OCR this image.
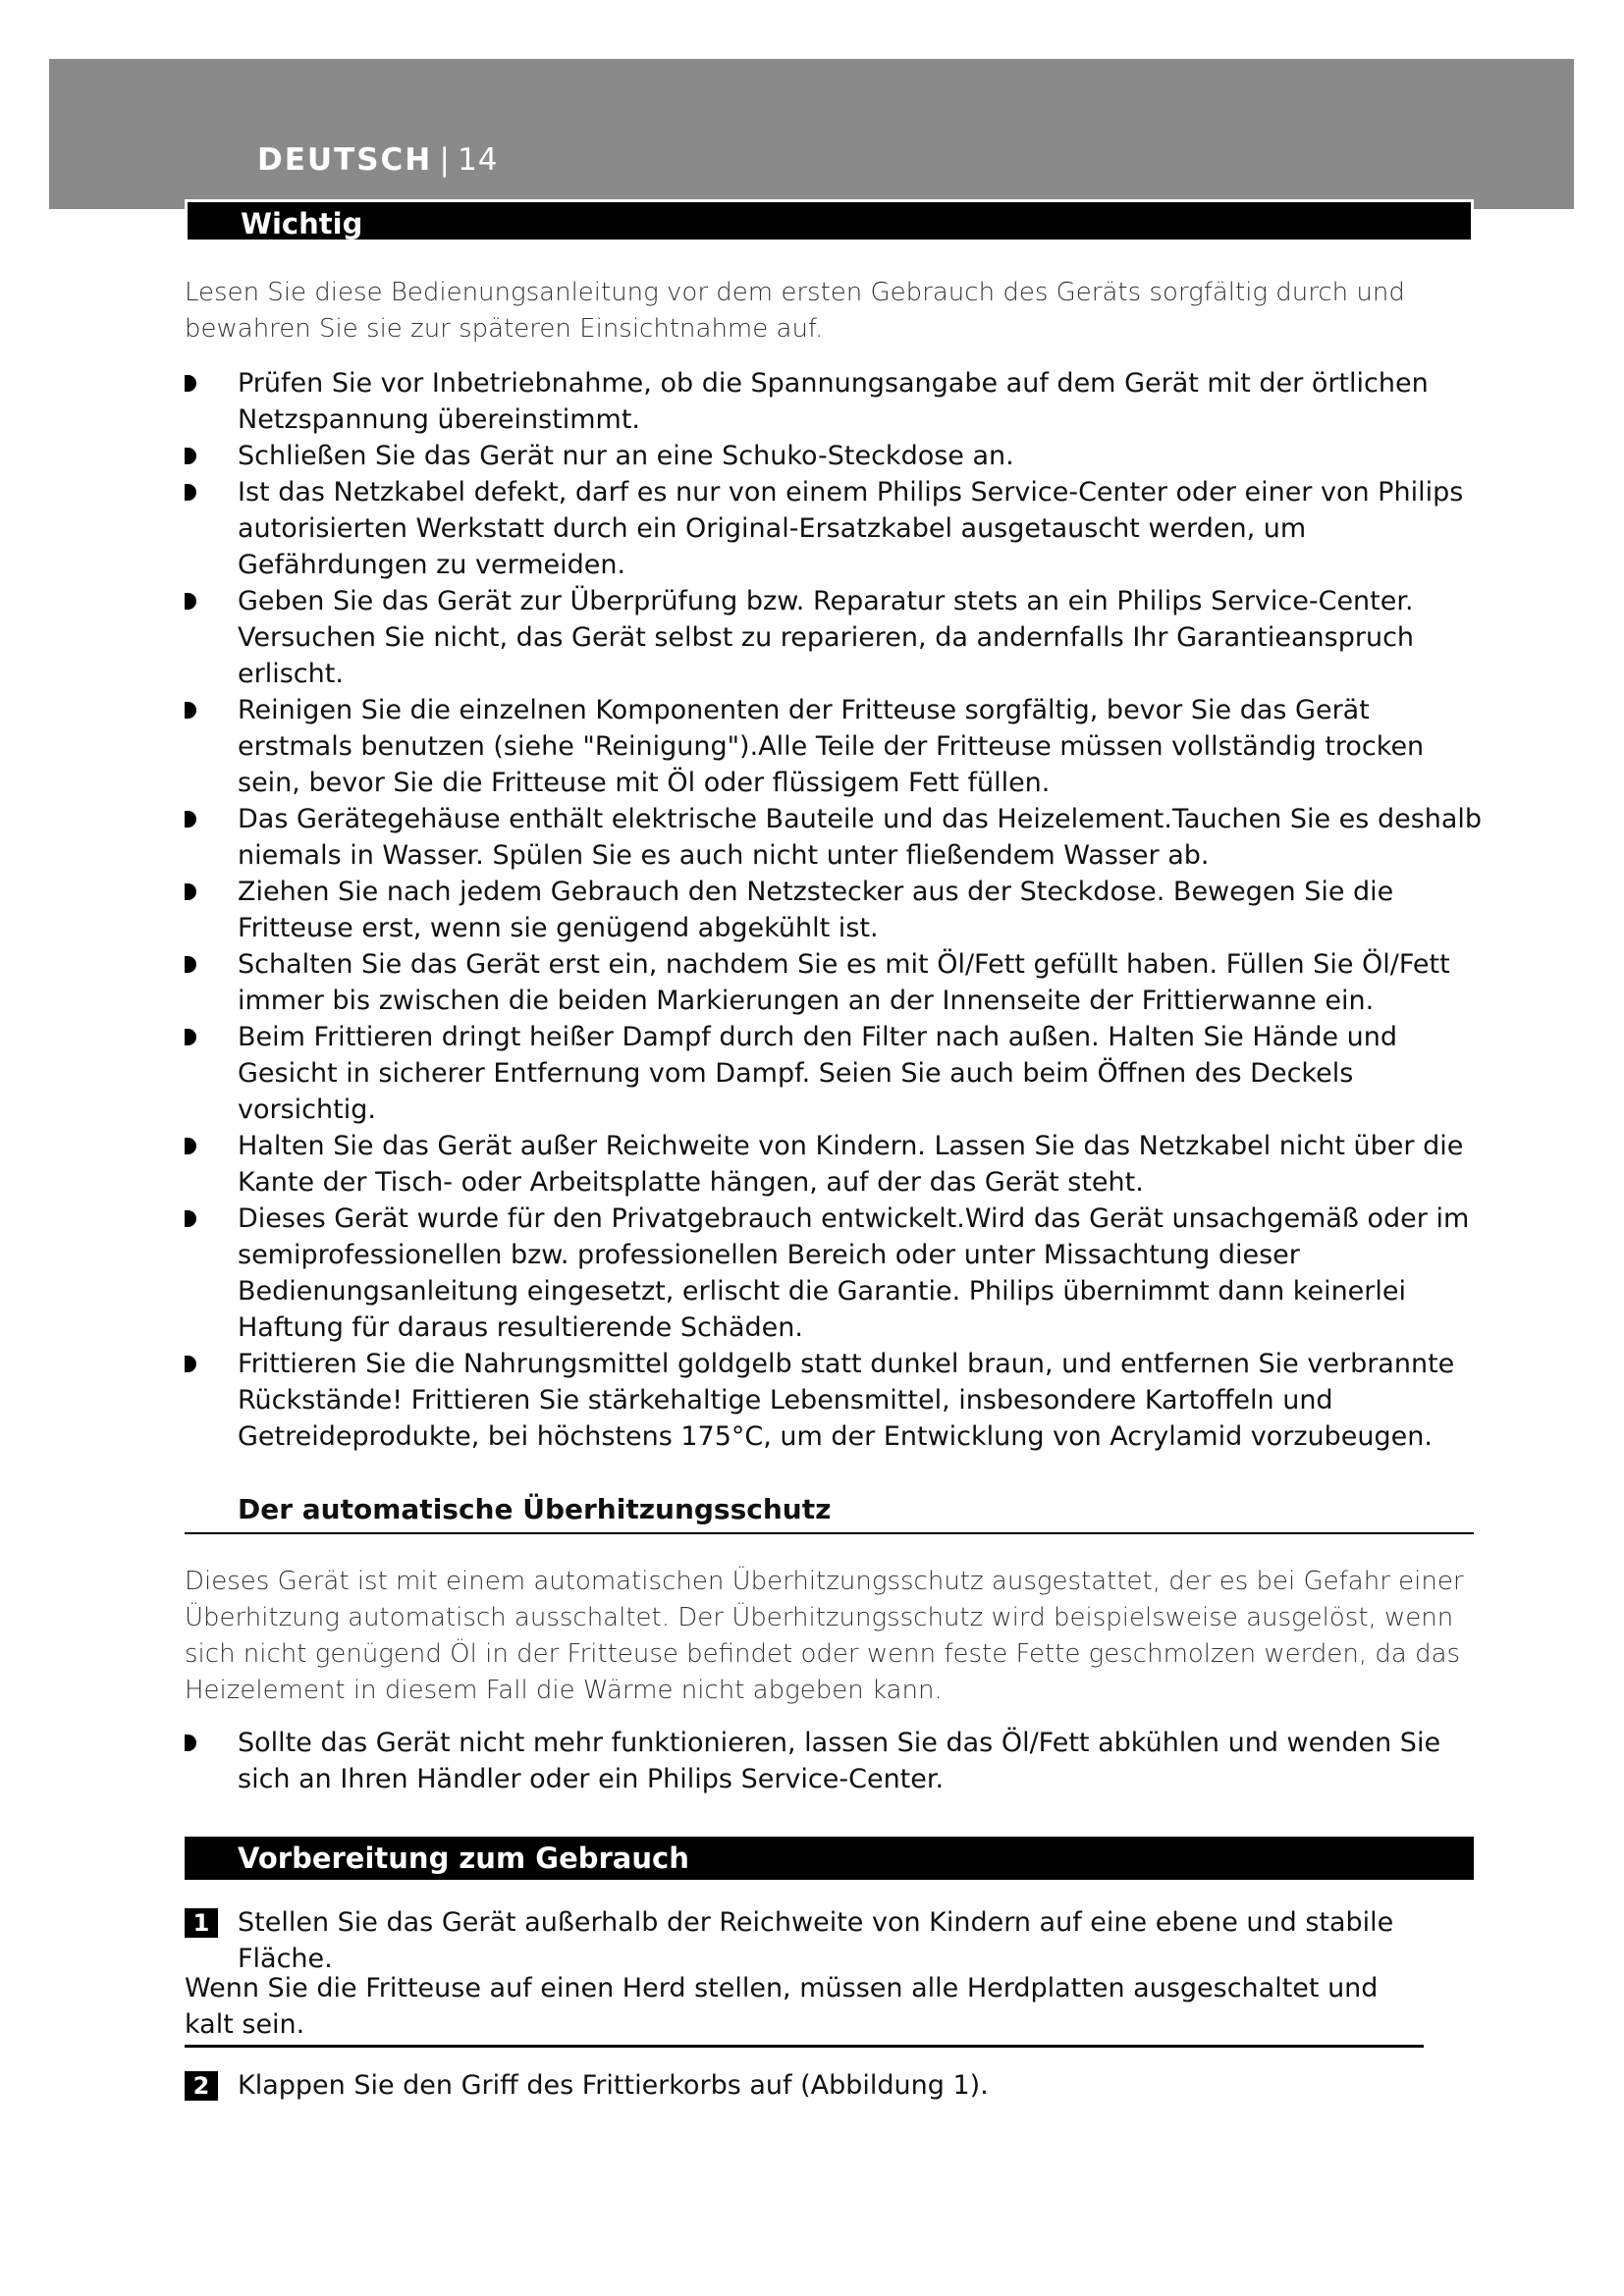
DEUTSCH | 14
Wichtig
Lesen Sie diese Bedienungsanleitung vor dem ersten Gebrauch des Geräts sorgfältig durch und bewahren Sie sie zur späteren Einsichtnahme auf.
Prüfen Sie vor Inbetriebnahme, ob die Spannungsangabe auf dem Gerät mit der örtlichen Netzspannung übereinstimmt.
Schließen Sie das Gerät nur an eine Schuko-Steckdose an.
Ist das Netzkabel defekt, darf es nur von einem Philips Service-Center oder einer von Philips autorisierten Werkstatt durch ein Original-Ersatzkabel ausgetauscht werden, um Gefährdungen zu vermeiden.
Geben Sie das Gerät zur Überprüfung bzw. Reparatur stets an ein Philips Service-Center. Versuchen Sie nicht, das Gerät selbst zu reparieren, da andernfalls Ihr Garantieanspruch erlischt.
Reinigen Sie die einzelnen Komponenten der Fritteuse sorgfältig, bevor Sie das Gerät erstmals benutzen (siehe "Reinigung").Alle Teile der Fritteuse müssen vollständig trocken sein, bevor Sie die Fritteuse mit Öl oder flüssigem Fett füllen.
Das Gerätegehäuse enthält elektrische Bauteile und das Heizelement.Tauchen Sie es deshalb niemals in Wasser. Spülen Sie es auch nicht unter fließendem Wasser ab.
Ziehen Sie nach jedem Gebrauch den Netzstecker aus der Steckdose. Bewegen Sie die Fritteuse erst, wenn sie genügend abgekühlt ist.
Schalten Sie das Gerät erst ein, nachdem Sie es mit Öl/Fett gefüllt haben. Füllen Sie Öl/Fett immer bis zwischen die beiden Markierungen an der Innenseite der Frittierwanne ein.
Beim Frittieren dringt heißer Dampf durch den Filter nach außen. Halten Sie Hände und Gesicht in sicherer Entfernung vom Dampf. Seien Sie auch beim Öffnen des Deckels vorsichtig.
Halten Sie das Gerät außer Reichweite von Kindern. Lassen Sie das Netzkabel nicht über die Kante der Tisch- oder Arbeitsplatte hängen, auf der das Gerät steht.
Dieses Gerät wurde für den Privatgebrauch entwickelt.Wird das Gerät unsachgemäß oder im semiprofessionellen bzw. professionellen Bereich oder unter Missachtung dieser Bedienungsanleitung eingesetzt, erlischt die Garantie. Philips übernimmt dann keinerlei Haftung für daraus resultierende Schäden.
Frittieren Sie die Nahrungsmittel goldgelb statt dunkel braun, und entfernen Sie verbrannte Rückstände! Frittieren Sie stärkehaltige Lebensmittel, insbesondere Kartoffeln und Getreideprodukte, bei höchstens 175°C, um der Entwicklung von Acrylamid vorzubeugen.
Der automatische Überhitzungsschutz
Dieses Gerät ist mit einem automatischen Überhitzungsschutz ausgestattet, der es bei Gefahr einer Überhitzung automatisch ausschaltet. Der Überhitzungsschutz wird beispielsweise ausgelöst, wenn sich nicht genügend Öl in der Fritteuse befindet oder wenn feste Fette geschmolzen werden, da das Heizelement in diesem Fall die Wärme nicht abgeben kann.
Sollte das Gerät nicht mehr funktionieren, lassen Sie das Öl/Fett abkühlen und wenden Sie sich an Ihren Händler oder ein Philips Service-Center.
Vorbereitung zum Gebrauch
1	Stellen Sie das Gerät außerhalb der Reichweite von Kindern auf eine ebene und stabile Fläche.
Wenn Sie die Fritteuse auf einen Herd stellen, müssen alle Herdplatten ausgeschaltet und kalt sein.
2	Klappen Sie den Griff des Frittierkorbs auf (Abbildung 1).
